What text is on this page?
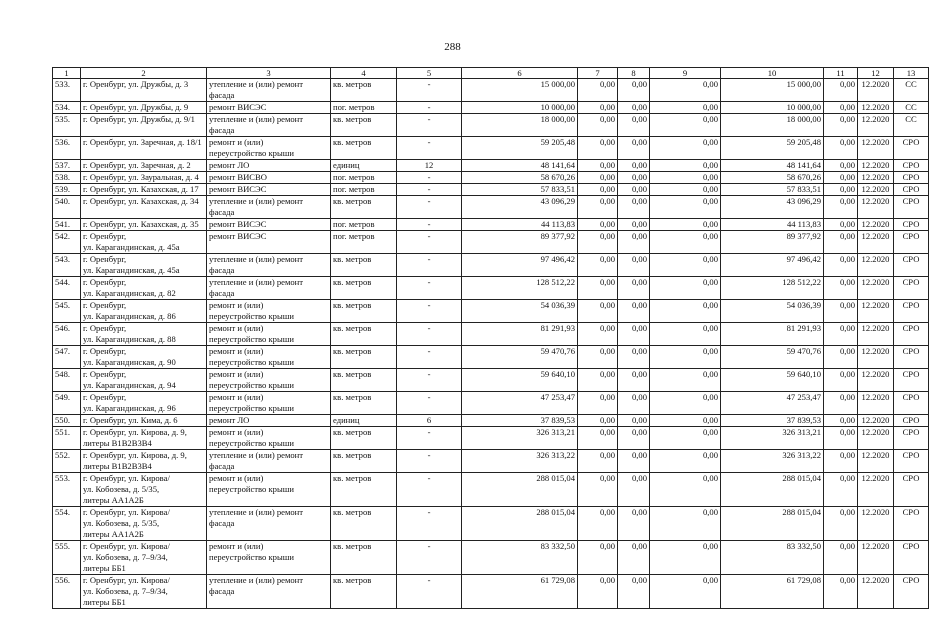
288
1	2	3	4	5	6	7	8	9	10	11	12	13
533.	г. Оренбург, ул. Дружбы, д. 3	утепление и (или) ремонт
фасада	кв. метров	-	15 000,00	0,00	0,00	0,00	15 000,00	0,00	12.2020	СС
534.	г. Оренбург, ул. Дружбы, д. 9	ремонт ВИСЭС	пог. метров	-	10 000,00	0,00	0,00	0,00	10 000,00	0,00	12.2020	СС
535.	г. Оренбург, ул. Дружбы, д. 9/1	утепление и (или) ремонт
фасада	кв. метров	-	18 000,00	0,00	0,00	0,00	18 000,00	0,00	12.2020	СС
536.	г. Оренбург, ул. Заречная, д. 18/1	ремонт и (или)
переустройство крыши	кв. метров	-	59 205,48	0,00	0,00	0,00	59 205,48	0,00	12.2020	СРО
537.	г. Оренбург, ул. Заречная, д. 2	ремонт ЛО	единиц	12	48 141,64	0,00	0,00	0,00	48 141,64	0,00	12.2020	СРО
538.	г. Оренбург, ул. Зауральная, д. 4	ремонт ВИСВО	пог. метров	-	58 670,26	0,00	0,00	0,00	58 670,26	0,00	12.2020	СРО
539.	г. Оренбург, ул. Казахская, д. 17	ремонт ВИСЭС	пог. метров	-	57 833,51	0,00	0,00	0,00	57 833,51	0,00	12.2020	СРО
540.	г. Оренбург, ул. Казахская, д. 34	утепление и (или) ремонт
фасада	кв. метров	-	43 096,29	0,00	0,00	0,00	43 096,29	0,00	12.2020	СРО
541.	г. Оренбург, ул. Казахская, д. 35	ремонт ВИСЭС	пог. метров	-	44 113,83	0,00	0,00	0,00	44 113,83	0,00	12.2020	СРО
542.	г. Оренбург,
ул. Карагандинская, д. 45а	ремонт ВИСЭС	пог. метров	-	89 377,92	0,00	0,00	0,00	89 377,92	0,00	12.2020	СРО
543.	г. Оренбург,
ул. Карагандинская, д. 45а	утепление и (или) ремонт
фасада	кв. метров	-	97 496,42	0,00	0,00	0,00	97 496,42	0,00	12.2020	СРО
544.	г. Оренбург,
ул. Карагандинская, д. 82	утепление и (или) ремонт
фасада	кв. метров	-	128 512,22	0,00	0,00	0,00	128 512,22	0,00	12.2020	СРО
545.	г. Оренбург,
ул. Карагандинская, д. 86	ремонт и (или)
переустройство крыши	кв. метров	-	54 036,39	0,00	0,00	0,00	54 036,39	0,00	12.2020	СРО
546.	г. Оренбург,
ул. Карагандинская, д. 88	ремонт и (или)
переустройство крыши	кв. метров	-	81 291,93	0,00	0,00	0,00	81 291,93	0,00	12.2020	СРО
547.	г. Оренбург,
ул. Карагандинская, д. 90	ремонт и (или)
переустройство крыши	кв. метров	-	59 470,76	0,00	0,00	0,00	59 470,76	0,00	12.2020	СРО
548.	г. Оренбург,
ул. Карагандинская, д. 94	ремонт и (или)
переустройство крыши	кв. метров	-	59 640,10	0,00	0,00	0,00	59 640,10	0,00	12.2020	СРО
549.	г. Оренбург,
ул. Карагандинская, д. 96	ремонт и (или)
переустройство крыши	кв. метров	-	47 253,47	0,00	0,00	0,00	47 253,47	0,00	12.2020	СРО
550.	г. Оренбург, ул. Кима, д. 6	ремонт ЛО	единиц	6	37 839,53	0,00	0,00	0,00	37 839,53	0,00	12.2020	СРО
551.	г. Оренбург, ул. Кирова, д. 9,
литеры В1В2В3В4	ремонт и (или)
переустройство крыши	кв. метров	-	326 313,21	0,00	0,00	0,00	326 313,21	0,00	12.2020	СРО
552.	г. Оренбург, ул. Кирова, д. 9,
литеры В1В2В3В4	утепление и (или) ремонт
фасада	кв. метров	-	326 313,22	0,00	0,00	0,00	326 313,22	0,00	12.2020	СРО
553.	г. Оренбург, ул. Кирова/
ул. Кобозева, д. 5/35,
литеры АА1А2Б	ремонт и (или)
переустройство крыши	кв. метров	-	288 015,04	0,00	0,00	0,00	288 015,04	0,00	12.2020	СРО
554.	г. Оренбург, ул. Кирова/
ул. Кобозева, д. 5/35,
литеры АА1А2Б	утепление и (или) ремонт
фасада	кв. метров	-	288 015,04	0,00	0,00	0,00	288 015,04	0,00	12.2020	СРО
555.	г. Оренбург, ул. Кирова/
ул. Кобозева, д. 7–9/34,
литеры ББ1	ремонт и (или)
переустройство крыши	кв. метров	-	83 332,50	0,00	0,00	0,00	83 332,50	0,00	12.2020	СРО
556.	г. Оренбург, ул. Кирова/
ул. Кобозева, д. 7–9/34,
литеры ББ1	утепление и (или) ремонт
фасада	кв. метров	-	61 729,08	0,00	0,00	0,00	61 729,08	0,00	12.2020	СРО
